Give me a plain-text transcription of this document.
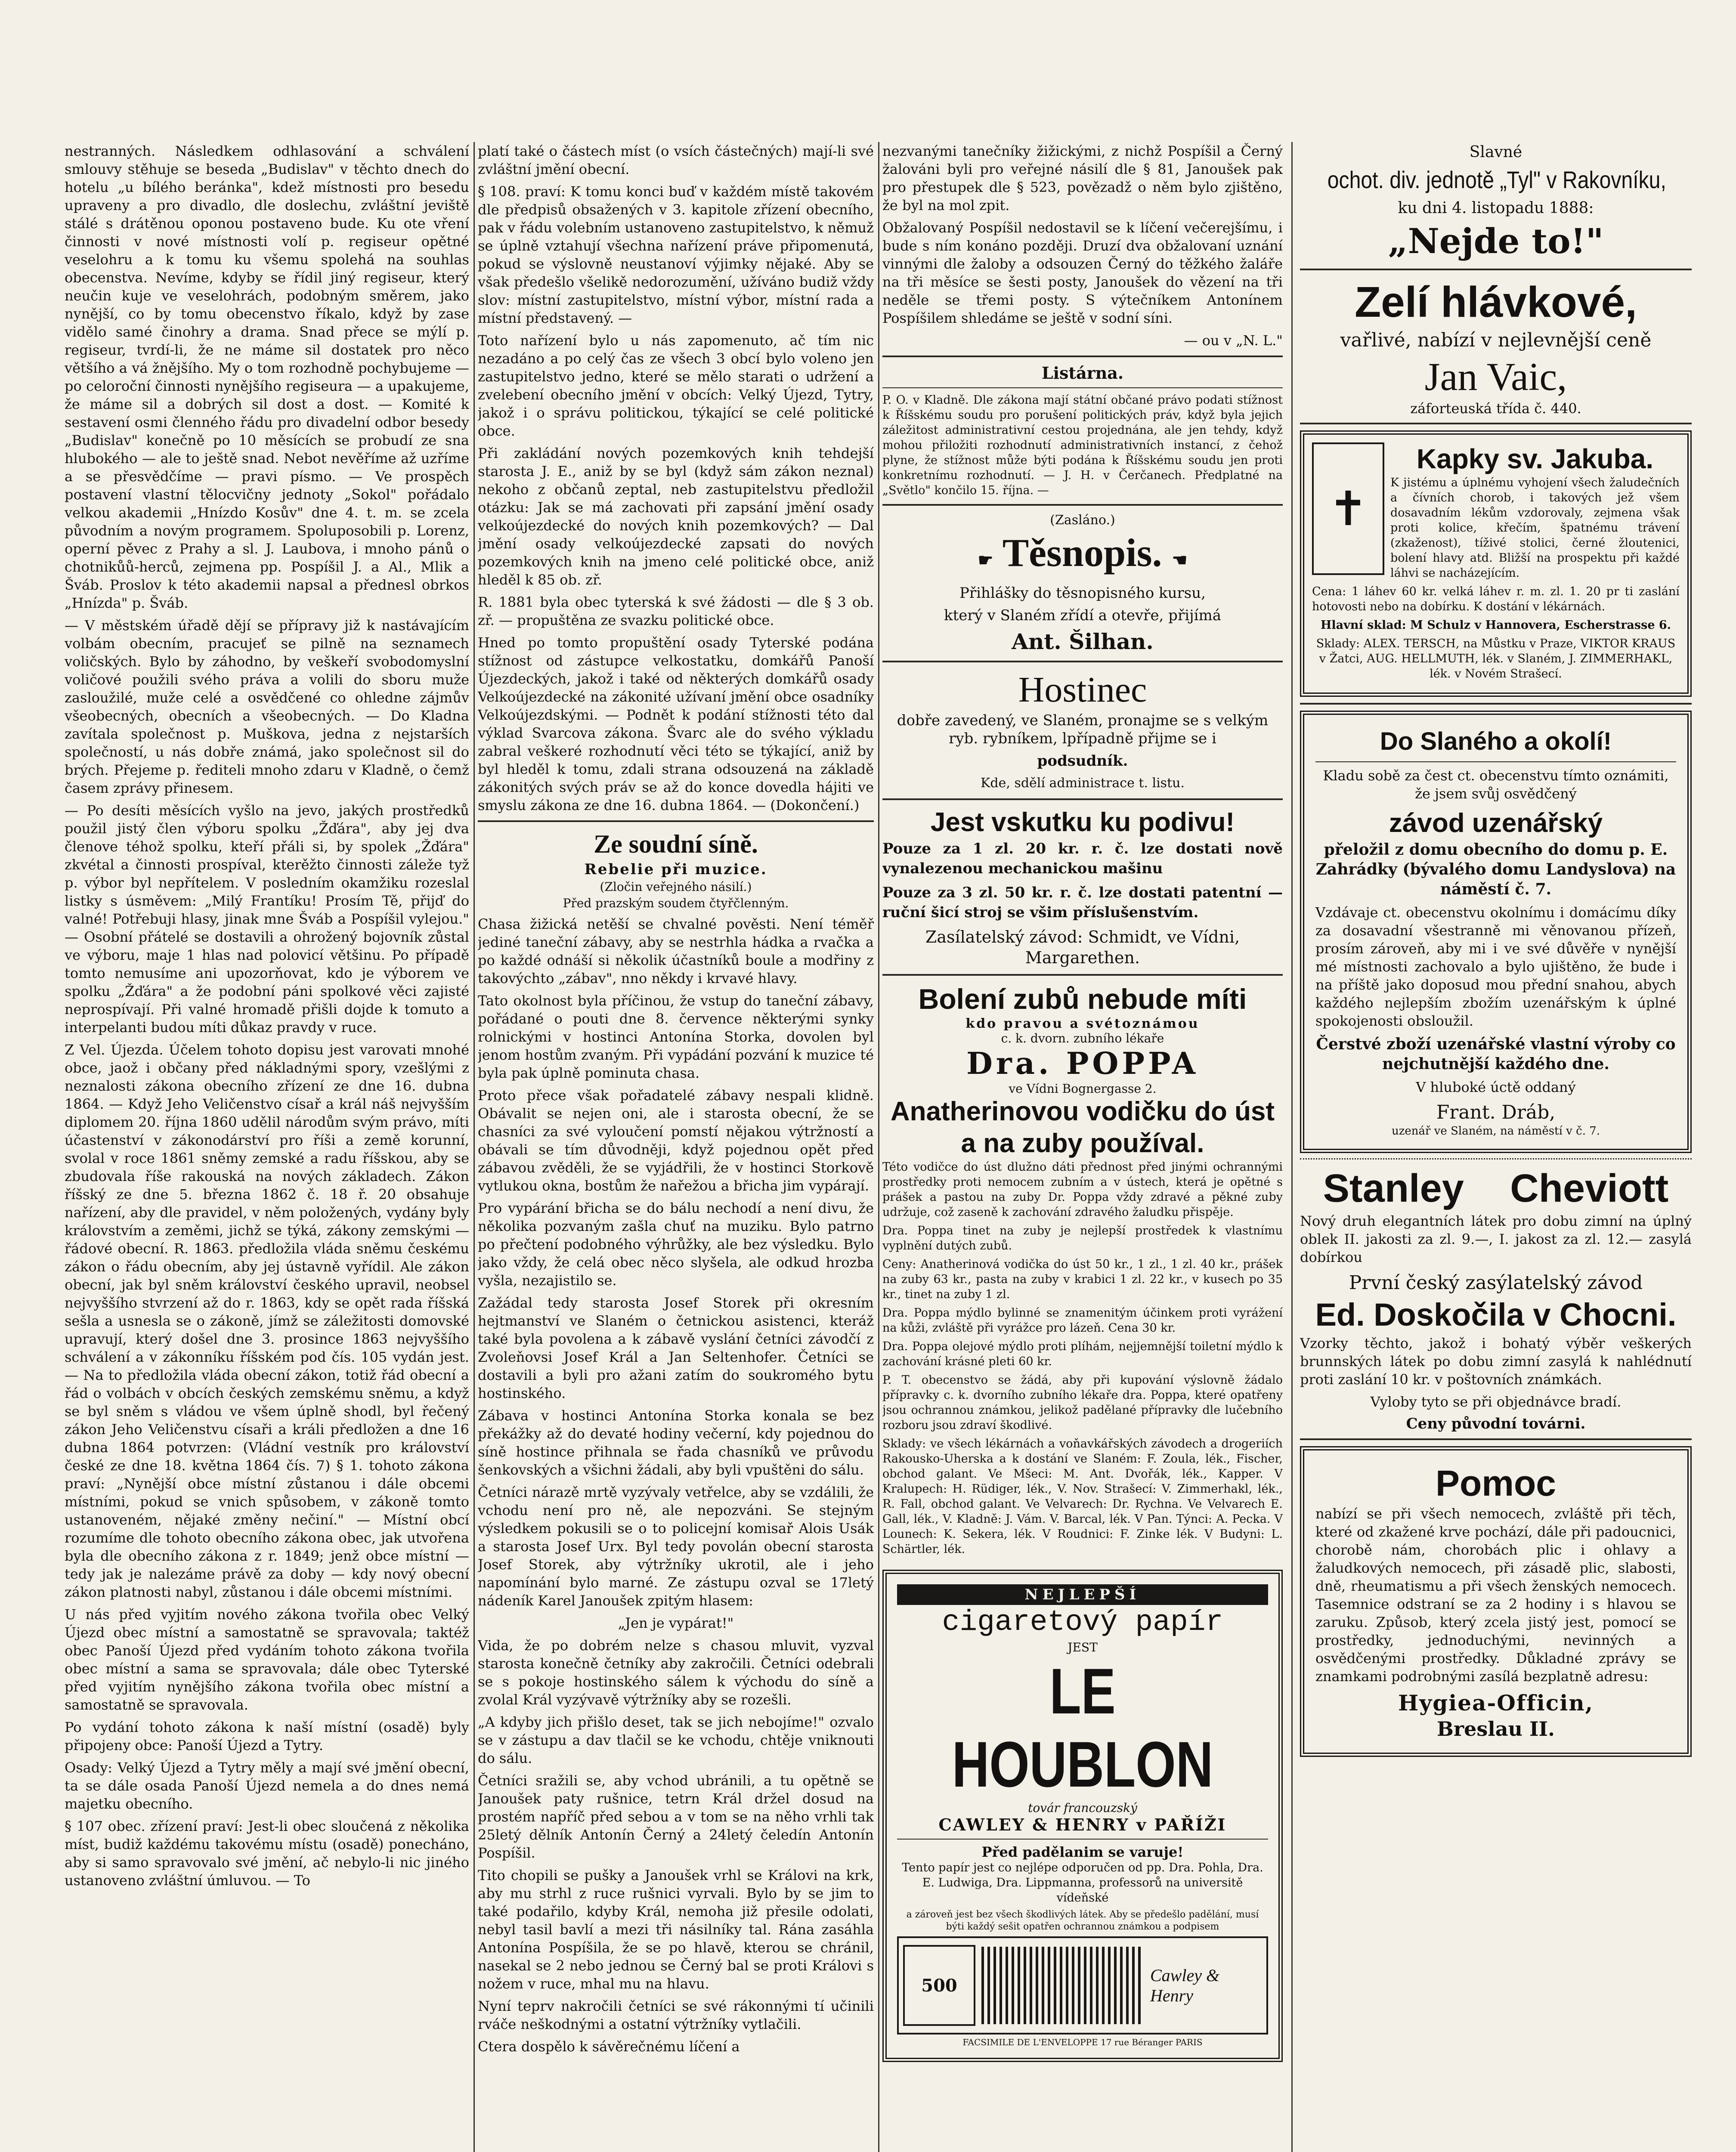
nestranných. Následkem odhlasování a schválení smlouvy stěhuje se beseda „Budislav" v těchto dnech do hotelu „u bílého beránka", kdež místnosti pro besedu upraveny a pro divadlo, dle doslechu, zvláštní jeviště stálé s drátěnou oponou postaveno bude. Ku ote vření činnosti v nové místnosti volí p. regiseur opětné veselohru a k tomu ku všemu spolehá na souhlas obecenstva. Nevíme, kdyby se řídil jiný regiseur, který neučin kuje ve veselohrách, podobným směrem, jako nynější, co by tomu obecenstvo říkalo, když by zase vidělo samé činohry a drama. Snad přece se mýlí p. regiseur, tvrdí-li, že ne máme sil dostatek pro něco většího a vá žnějšího. My o tom rozhodně pochybujeme — po celoroční činnosti nynějšího regiseura — a upakujeme, že máme sil a dobrých sil dost a dost. — Komité k sestavení osmi členného řádu pro divadelní odbor besedy „Budislav" konečně po 10 měsících se probudí ze sna hlubokého — ale to ještě snad. Nebot nevěříme až uzříme a se přesvědčíme — pravi písmo. — Ve prospěch postavení vlastní tělocvičny jednoty „Sokol" pořádalo velkou akademii „Hnízdo Kosův" dne 4. t. m. se zcela původním a novým programem. Spoluposobili p. Lorenz, operní pěvec z Prahy a sl. J. Laubova, i mnoho pánů o chotnikůů-herců, zejmena pp. Pospíšil J. a Al., Mlik a Šváb. Proslov k této akademii napsal a přednesl obrkos „Hnízda" p. Šváb.

— V městském úřadě dějí se přípravy již k nastávajícím volbám obecním, pracujeť se pilně na seznamech voličských. Bylo by záhodno, by veškeří svobodomyslní voličové použili svého práva a volili do sboru muže zasloužilé, muže celé a osvědčené co ohledne zájmův všeobecných, obecních a všeobecných. — Do Kladna zavítala společnost p. Muškova, jedna z nejstarších společností, u nás dobře známá, jako společnost sil do brých. Přejeme p. řediteli mnoho zdaru v Kladně, o čemž časem zprávy přinesem.

— Po desíti měsících vyšlo na jevo, jakých prostředků použil jistý člen výboru spolku „Žďára", aby jej dva členove téhož spolku, kteří přáli si, by spolek „Žďára" zkvétal a činnosti prospíval, kterěžto činnosti záleže tyž p. výbor byl nepřítelem. V posledním okamžiku rozeslal listky s úsměvem: „Milý Frantíku! Prosím Tě, přijď do valné! Potřebuji hlasy, jinak mne Šváb a Pospíšil vylejou." — Osobní přátelé se dostavili a ohrožený bojovník zůstal ve výboru, maje 1 hlas nad polovicí většinu. Po případě tomto nemusíme ani upozorňovat, kdo je výborem ve spolku „Žďára" a že podobní páni spolkové věci zajisté neprospívají. Při valné hromadě přišli dojde k tomuto a interpelanti budou míti důkaz pravdy v ruce.

Z Vel. Újezda. Účelem tohoto dopisu jest varovati mnohé obce, jaož i občany před nákladnými spory, vzešlými z neznalosti zákona obecního zřízení ze dne 16. dubna 1864. — Když Jeho Veličenstvo císař a král náš nejvyšším diplomem 20. října 1860 udělil národům svým právo, míti účastenství v zákonodárství pro říši a země korunní, svolal v roce 1861 sněmy zemské a radu říšskou, aby se zbudovala říše rakouská na nových základech. Zákon říšský ze dne 5. března 1862 č. 18 ř. 20 obsahuje nařízení, aby dle pravidel, v něm položených, vydány byly královstvím a zeměmi, jichž se týká, zákony zemskými — řádové obecní. R. 1863. předložila vláda sněmu českému zákon o řádu obecním, aby jej ústavně vyřídil. Ale zákon obecní, jak byl sněm království českého upravil, neobsel nejvyššího stvrzení až do r. 1863, kdy se opět rada říšská sešla a usnesla se o zákoně, jímž se záležitosti domovské upravují, který došel dne 3. prosince 1863 nejvyššího schválení a v zákonníku říšském pod čís. 105 vydán jest. — Na to předložila vláda obecní zákon, totiž řád obecní a řád o volbách v obcích českých zemskému sněmu, a když se byl sněm s vládou ve všem úplně shodl, byl řečený zákon Jeho Veličenstvu císaři a králi předložen a dne 16 dubna 1864 potvrzen: (Vládní vestník pro království české ze dne 18. května 1864 čís. 7) § 1. tohoto zákona praví: „Nynější obce místní zůstanou i dále obcemi místními, pokud se vnich spůsobem, v zákoně tomto ustanoveném, nějaké změny nečiní." — Místní obcí rozumíme dle tohoto obecního zákona obec, jak utvořena byla dle obecního zákona z r. 1849; jenž obce místní — tedy jak je nalezáme právě za doby — kdy nový obecní zákon platnosti nabyl, zůstanou i dále obcemi místními.

U nás před vyjitím nového zákona tvořila obec Velký Újezd obec místní a samostatně se spravovala; taktéž obec Panoší Újezd před vydáním tohoto zákona tvořila obec místní a sama se spravovala; dále obec Tyterské před vyjitím nynějšího zákona tvořila obec místní a samostatně se spravovala.

Po vydání tohoto zákona k naší místní (osadě) byly připojeny obce: Panoší Újezd a Tytry.

Osady: Velký Újezd a Tytry měly a mají své jmění obecní, ta se dále osada Panoší Újezd nemela a do dnes nemá majetku obecního.

§ 107 obec. zřízení praví: Jest-li obec sloučená z několika míst, budiž každému takovému místu (osadě) ponecháno, aby si samo spravovalo své jmění, ač nebylo-li nic jiného ustanoveno zvláštní úmluvou. — To

platí také o částech míst (o vsích částečných) mají-li své zvláštní jmění obecní.

§ 108. praví: K tomu konci buď v každém místě takovém dle předpisů obsažených v 3. kapitole zřízení obecního, pak v řádu volebním ustanoveno zastupitelstvo, k němuž se úplně vztahují všechna nařízení práve připomenutá, pokud se výslovně neustanoví výjimky nějaké. Aby se však předešlo všelikě nedorozumění, užíváno budiž vždy slov: místní zastupitelstvo, místní výbor, místní rada a místní představený. —

Toto nařízení bylo u nás zapomenuto, ač tím nic nezadáno a po celý čas ze všech 3 obcí bylo voleno jen zastupitelstvo jedno, které se mělo starati o udržení a zvelebení obecního jmění v obcích: Velký Újezd, Tytry, jakož i o správu politickou, týkající se celé politické obce.

Při zakládání nových pozemkových knih tehdejší starosta J. E., aniž by se byl (když sám zákon neznal) nekoho z občanů zeptal, neb zastupitelstvu předložil otázku: Jak se má zachovati při zapsání jmění osady velkoújezdecké do nových knih pozemkových? — Dal jmění osady velkoújezdecké zapsati do nových pozemkových knih na jmeno celé politické obce, aniž hleděl k 85 ob. zř.

R. 1881 byla obec tyterská k své žádosti — dle § 3 ob. zř. — propuštěna ze svazku politické obce.

Hned po tomto propuštění osady Tyterské podána stížnost od zástupce velkostatku, domkářů Panoší Újezdeckých, jakož i také od některých domkářů osady Velkoújezdecké na zákonité užívaní jmění obce osadníky Velkoújezdskými. — Podnět k podání stížnosti této dal výklad Svarcova zákona. Švarc ale do svého výkladu zabral veškeré rozhodnutí věci této se týkající, aniž by byl hleděl k tomu, zdali strana odsouzená na základě zákonitých svých práv se až do konce dovedla hájiti ve smyslu zákona ze dne 16. dubna 1864. — (Dokončení.)

Ze soudní síně.
Rebelie při muzice.
(Zločin veřejného násilí.)
Před prazským soudem čtyřčlenným.

Chasa žižická netěší se chvalné pověsti. Není téměř jediné taneční zábavy, aby se nestrhla hádka a rvačka a po každé odnáší si několik účastníků boule a modřiny z takovýchto „zábav", nno někdy i krvavé hlavy.

Tato okolnost byla příčinou, že vstup do taneční zábavy, pořádané o pouti dne 8. července některými synky rolnickými v hostinci Antonína Storka, dovolen byl jenom hostům zvaným. Při vypádání pozvání k muzice té byla pak úplně pominuta chasa.

Proto přece však pořadatelé zábavy nespali klidně. Obávalit se nejen oni, ale i starosta obecní, že se chasníci za své vyloučení pomstí nějakou výtržností a obávali se tím důvodněji, když pojednou opět před zábavou zvěděli, že se vyjádřili, že v hostinci Storkově vytlukou okna, bostům že nařežou a břicha jim vypárají.

Pro vypárání břicha se do bálu nechodí a není divu, že několika pozvaným zašla chuť na muziku. Bylo patrno po přečtení podobného výhrůžky, ale bez výsledku. Bylo jako vždy, že celá obec něco slyšela, ale odkud hrozba vyšla, nezajistilo se.

Zažádal tedy starosta Josef Storek při okresním hejtmanství ve Slaném o četnickou asistenci, kteráž také byla povolena a k zábavě vyslání četníci závodčí z Zvoleňovsi Josef Král a Jan Seltenhofer. Četníci se dostavili a byli pro ažani zatím do soukromého bytu hostinského.

Zábava v hostinci Antonína Storka konala se bez překážky až do devaté hodiny večerní, kdy pojednou do síně hostince přihnala se řada chasníků ve průvodu šenkovských a všichni žádali, aby byli vpuštěni do sálu.

Četníci nárazě mrtě vyzývaly vetřelce, aby se vzdálili, že vchodu není pro ně, ale nepozváni. Se stejným výsledkem pokusili se o to policejní komisař Alois Usák a starosta Josef Urx. Byl tedy povolán obecní starosta Josef Storek, aby výtržníky ukrotil, ale i jeho napomínání bylo marné. Ze zástupu ozval se 17letý nádeník Karel Janoušek zpitým hlasem:

„Jen je vypárat!"

Vida, že po dobrém nelze s chasou mluvit, vyzval starosta konečně četníky aby zakročili. Četníci odebrali se s pokoje hostinského sálem k východu do síně a zvolal Král vyzývavě výtržníky aby se rozešli.

„A kdyby jich přišlo deset, tak se jich nebojíme!" ozvalo se v zástupu a dav tlačil se ke vchodu, chtěje vniknouti do sálu.

Četníci sražili se, aby vchod ubránili, a tu opětně se Janoušek paty rušnice, tetrn Král držel dosud na prostém napříč před sebou a v tom se na něho vrhli tak 25letý dělník Antonín Černý a 24letý čeledín Antonín Pospíšil.

Tito chopili se pušky a Janoušek vrhl se Královi na krk, aby mu strhl z ruce rušnici vyrvali. Bylo by se jim to také podařilo, kdyby Král, nemoha již přesile odolati, nebyl tasil bavlí a mezi tři násilníky tal. Rána zasáhla Antonína Pospíšila, že se po hlavě, kterou se chránil, nasekal se 2 nebo jednou se Černý bal se proti Královi s nožem v ruce, mhal mu na hlavu.

Nyní teprv nakročili četníci se své rákonnými tí učinili rváče neškodnými a ostatní výtržníky vytlačili.

Ctera dospělo k sávěrečnému líčení a

nezvanými tanečníky žižickými, z nichž Pospíšil a Černý žalováni byli pro veřejné násilí dle § 81, Janoušek pak pro přestupek dle § 523, povězadž o něm bylo zjištěno, že byl na mol zpit.

Obžalovaný Pospíšil nedostavil se k líčení večerejšímu, i bude s ním konáno později. Druzí dva obžalovaní uznání vinnými dle žaloby a odsouzen Černý do těžkého žaláře na tři měsíce se šesti posty, Janoušek do vězení na tři neděle se třemi posty. S výtečníkem Antonínem Pospíšilem shledáme se ještě v sodní síni.

— ou v „N. L."
Listárna.

P. O. v Kladně. Dle zákona mají státní občané právo podati stížnost k Říšskému soudu pro porušení politických práv, když byla jejich záležitost administrativní cestou projednána, ale jen tehdy, když mohou přiložiti rozhodnutí administrativních instancí, z čehož plyne, že stížnost může býti podána k Říšskému soudu jen proti konkretnímu rozhodnutí. — J. H. v Čerčanech. Předplatné na „Světlo" končilo 15. října. —

(Zasláno.)
☛ Těsnopis. ☚
Přihlášky do těsnopisného kursu,
který v Slaném zřídí a otevře, přijímá
Ant. Šilhan.
Hostinec

dobře zavedený, ve Slaném, pronajme se s velkým ryb. rybníkem, lpřípadně přijme se i

podsudník.

Kde, sdělí administrace t. listu.

Jest vskutku ku podivu!

Pouze za 1 zl. 20 kr. r. č. lze dostati nově vynalezenou mechanickou mašinu

Pouze za 3 zl. 50 kr. r. č. lze dostati patentní — ruční šicí stroj se všim příslušenstvím.

Zasílatelský závod: Schmidt, ve Vídni, Margarethen.

Bolení zubů nebude míti
kdo pravou a svétoznámou
c. k. dvorn. zubního lékaře
Dra. POPPA
ve Vídni Bognergasse 2.
Anatherinovou vodičku do úst a na zuby používal.

Této vodičce do úst dlužno dáti přednost před jinými ochrannými prostředky proti nemocem zubním a v ústech, která je opětné s prášek a pastou na zuby Dr. Poppa vždy zdravé a pěkné zuby udržuje, což zaseně k zachování zdravého žaludku přispěje.

Dra. Poppa tinet na zuby je nejlepší prostředek k vlastnímu vyplnění dutých zubů.

Ceny: Anatherinová vodička do úst 50 kr., 1 zl., 1 zl. 40 kr., prášek na zuby 63 kr., pasta na zuby v krabici 1 zl. 22 kr., v kusech po 35 kr., tinet na zuby 1 zl.

Dra. Poppa mýdlo bylinné se znamenitým účinkem proti vyrážení na kůži, zvláště při vyrážce pro lázeň. Cena 30 kr.

Dra. Poppa olejové mýdlo proti plíhám, nejjemnější toiletní mýdlo k zachování krásné pleti 60 kr.

P. T. obecenstvo se žádá, aby při kupování výslovně žádalo přípravky c. k. dvorního zubního lékaře dra. Poppa, které opatřeny jsou ochrannou známkou, jelikož padělané přípravky dle lučebního rozboru jsou zdraví škodlivé.

Sklady: ve všech lékárnách a voňavkářských závodech a drogeriích Rakousko-Uherska a k dostání ve Slaném: F. Zoula, lék., Fischer, obchod galant. Ve Mšeci: M. Ant. Dvořák, lék., Kapper. V Kralupech: H. Rüdiger, lék., V. Nov. Strašecí: V. Zimmerhakl, lék., R. Fall, obchod galant. Ve Velvarech: Dr. Rychna. Ve Velvarech E. Gall, lék., V. Kladně: J. Vám. V. Barcal, lék. V Pan. Týnci: A. Pecka. V Lounech: K. Sekera, lék. V Roudnici: F. Zinke lék. V Budyni: L. Schärtler, lék.

NEJLEPŠÍ
cigaretový papír
JEST
LE HOUBLON
továr francouzský
CAWLEY & HENRY v PAŘÍŽI
Před padělanim se varuje!

Tento papír jest co nejlépe odporučen od pp. Dra. Pohla, Dra. E. Ludwiga, Dra. Lippmanna, professorů na universitě vídeňské

a zároveň jest bez všech škodlivých látek. Aby se předešlo padělání, musí býti každý sešit opatřen ochrannou známkou a podpisem

500	Cawley & Henry
FACSIMILE DE L'ENVELOPPE 17 rue Béranger PARIS
Slavné
ochot. div. jednotě „Tyl" v Rakovníku,
ku dni 4. listopadu 1888:
„Nejde to!"
Zelí hlávkové,
vařlivé, nabízí v nejlevnější ceně
Jan Vaic,
záforteuská třída č. 440.
✝
Kapky sv. Jakuba.

K jistému a úplnému vyhojení všech žaludečních a čívních chorob, i takových jež všem dosavadním lékům vzdorovaly, zejmena však proti kolice, křečím, špatnému trávení (zkaženost), tíživé stolici, černé žloutenici, bolení hlavy atd. Bližší na prospektu při každé láhvi se nacházejícím.

Cena: 1 láhev 60 kr. velká láhev r. m. zl. 1. 20 pr ti zaslání hotovosti nebo na dobírku. K dostání v lékárnách.

Hlavní sklad: M Schulz v Hannovera, Escherstrasse 6.

Sklady: ALEX. TERSCH, na Můstku v Praze, VIKTOR KRAUS v Žatci, AUG. HELLMUTH, lék. v Slaném, J. ZIMMERHAKL, lék. v Novém Strašecí.

Do Slaného a okolí!

Kladu sobě za čest ct. obecenstvu tímto oznámiti, že jsem svůj osvědčený

závod uzenářský

přeložil z domu obecního do domu p. E. Zahrádky (bývalého domu Landyslova) na náměstí č. 7.

Vzdávaje ct. obecenstvu okolnímu i domácímu díky za dosavadní všestranně mi věnovanou přízeň, prosím zároveň, aby mi i ve své důvěře v nynější mé místnosti zachovalo a bylo ujištěno, že bude i na příště jako doposud mou přední snahou, abych každého nejlepším zbožím uzenářským k úplné spokojenosti obsloužil.

Čerstvé zboží uzenářské vlastní výroby co nejchutnější každého dne.

V hluboké úctě oddaný

Frant. Dráb,
uzenář ve Slaném, na náměstí v č. 7.
Stanley Cheviott

Nový druh elegantních látek pro dobu zimní na úplný oblek II. jakosti za zl. 9.—, I. jakost za zl. 12.— zasylá dobírkou

První český zasýlatelský závod
Ed. Doskočila v Chocni.

Vzorky těchto, jakož i bohatý výběr veškerých brunnských látek po dobu zimní zasylá k nahlédnutí proti zaslání 10 kr. v poštovních známkách.

Vyloby tyto se při objednávce bradí.

Ceny původní továrni.
Pomoc

nabízí se při všech nemocech, zvláště při těch, které od zkažené krve pochází, dále při padoucnici, chorobě nám, chorobách plic i ohlavy a žaludkových nemocech, při zásadě plic, slabosti, dně, rheumatismu a při všech ženských nemocech. Tasemnice odstraní se za 2 hodiny i s hlavou se zaruku. Způsob, který zcela jistý jest, pomocí se prostředky, jednoduchými, nevinných a osvědčenými prostředky. Důkladné zprávy se znamkami podrobnými zasílá bezplatně adresu:

Hygiea-Officin,
Breslau II.
